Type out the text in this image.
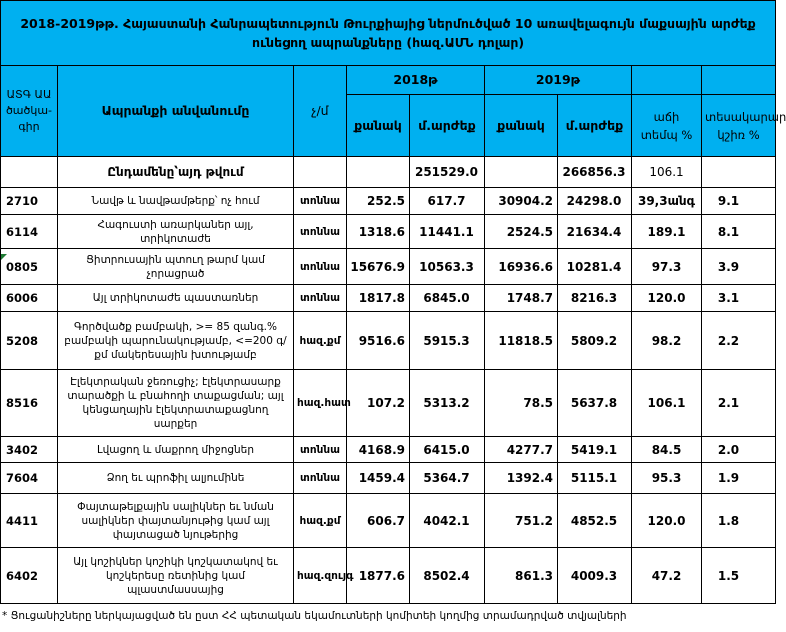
2018-2019թթ. Հայաստանի Հանրապետություն Թուրքիայից ներմուծված 10 առավելագույն մաքսային արժեք ունեցող ապրանքները (հազ.ԱՄՆ դոլար)								
ԱՏԳ ԱԱ ծածկա-գիր	Ապրանքի անվանումը	չ/մ	2018թ		2019թ			
			քանակ	մ.արժեք	քանակ	մ.արժեք	աճի տեմպ %	տեսակարար կշիռ %
	Ընդամենը՝այդ թվում			251529.0		266856.3	106.1	
2710	Նավթ և նավթամթերք՝ ոչ հում	տոննա	252.5	617.7	30904.2	24298.0	39,3անգ	9.1
6114	Հագուստի առարկաներ այլ, տրիկոտաժե	տոննա	1318.6	11441.1	2524.5	21634.4	189.1	8.1
0805	Ցիտրուսային պտուղ թարմ կամ չորացրած	տոննա	15676.9	10563.3	16936.6	10281.4	97.3	3.9
6006	Այլ տրիկոտաժե պաստառներ	տոննա	1817.8	6845.0	1748.7	8216.3	120.0	3.1
5208	Գործվածք բամբակի, >= 85 զանգ.% բամբակի պարունակությամբ, <=200 գ/քմ մակերեսային խտությամբ	հազ.քմ	9516.6	5915.3	11818.5	5809.2	98.2	2.2
8516	Էլեկտրական ջեռուցիչ; էլեկտրասարք տարածքի և բնահողի տաքացման; այլ կենցաղային էլեկտրատաքացնող սարքեր	հազ.հատ	107.2	5313.2	78.5	5637.8	106.1	2.1
3402	Լվացող և մաքրող միջոցներ	տոննա	4168.9	6415.0	4277.7	5419.1	84.5	2.0
7604	Ձող եւ պրոֆիլ ալյումինե	տոննա	1459.4	5364.7	1392.4	5115.1	95.3	1.9
4411	Փայտաթելքային սալիկներ եւ նման սալիկներ փայտանյութից կամ այլ փայտացած նյութերից	հազ.քմ	606.7	4042.1	751.2	4852.5	120.0	1.8
6402	Այլ կոշիկներ կոշիկի կոշկատակով եւ կոշկերեսը ռետինից կամ պլաստմասսայից	հազ.զույգ	1877.6	8502.4	861.3	4009.3	47.2	1.5
* Ցուցանիշները ներկայացված են ըստ ՀՀ պետական եկամուտների կոմիտեի կողմից տրամադրված տվյալների
